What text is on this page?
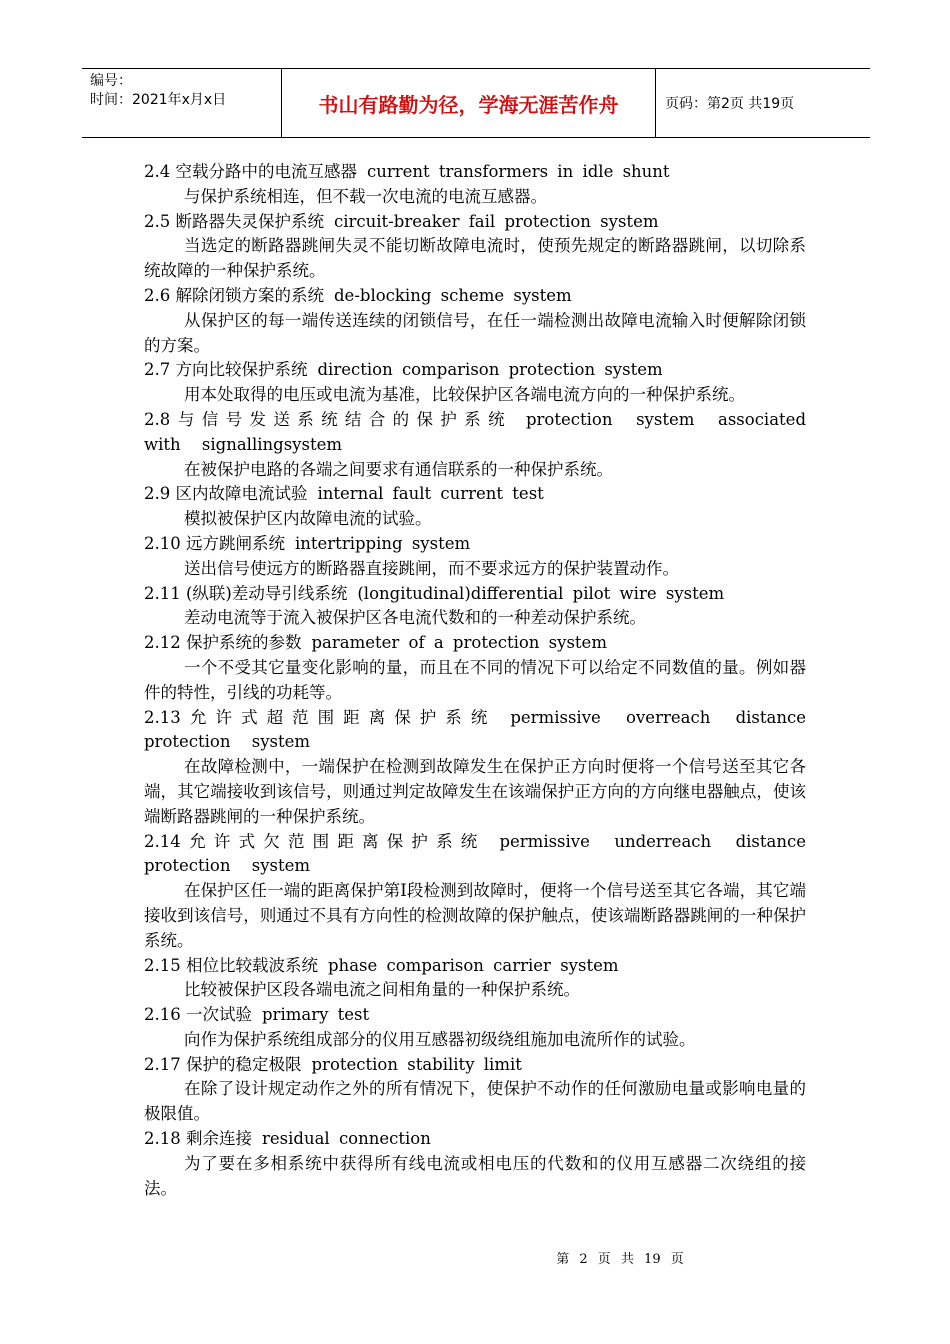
编号：
时间：2021年x月x日	书山有路勤为径，学海无涯苦作舟	页码：第2页 共19页

2.4 空载分路中的电流互感器 current transformers in idle shunt

与保护系统相连，但不载一次电流的电流互感器。

2.5 断路器失灵保护系统 circuit-breaker fail protection system

当选定的断路器跳闸失灵不能切断故障电流时，使预先规定的断路器跳闸，以切除系统故障的一种保护系统。

2.6 解除闭锁方案的系统 de-blocking scheme system

从保护区的每一端传送连续的闭锁信号，在任一端检测出故障电流输入时便解除闭锁的方案。

2.7 方向比较保护系统 direction comparison protection system

用本处取得的电压或电流为基准，比较保护区各端电流方向的一种保护系统。

2.8 与信号发送系统结合的保护系统 protection system associated with signallingsystem

在被保护电路的各端之间要求有通信联系的一种保护系统。

2.9 区内故障电流试验 internal fault current test

模拟被保护区内故障电流的试验。

2.10 远方跳闸系统 intertripping system

送出信号使远方的断路器直接跳闸，而不要求远方的保护装置动作。

2.11 (纵联)差动导引线系统 (longitudinal)differential pilot wire system

差动电流等于流入被保护区各电流代数和的一种差动保护系统。

2.12 保护系统的参数 parameter of a protection system

一个不受其它量变化影响的量，而且在不同的情况下可以给定不同数值的量。例如器件的特性，引线的功耗等。

2.13 允许式超范围距离保护系统 permissive overreach distance protection system

在故障检测中，一端保护在检测到故障发生在保护正方向时便将一个信号送至其它各端，其它端接收到该信号，则通过判定故障发生在该端保护正方向的方向继电器触点，使该端断路器跳闸的一种保护系统。

2.14 允许式欠范围距离保护系统 permissive underreach distance protection system

在保护区任一端的距离保护第Ⅰ段检测到故障时，便将一个信号送至其它各端，其它端接收到该信号，则通过不具有方向性的检测故障的保护触点，使该端断路器跳闸的一种保护系统。

2.15 相位比较载波系统 phase comparison carrier system

比较被保护区段各端电流之间相角量的一种保护系统。

2.16 一次试验 primary test

向作为保护系统组成部分的仪用互感器初级绕组施加电流所作的试验。

2.17 保护的稳定极限 protection stability limit

在除了设计规定动作之外的所有情况下，使保护不动作的任何激励电量或影响电量的极限值。

2.18 剩余连接 residual connection

为了要在多相系统中获得所有线电流或相电压的代数和的仪用互感器二次绕组的接法。

第 2 页 共 19 页
